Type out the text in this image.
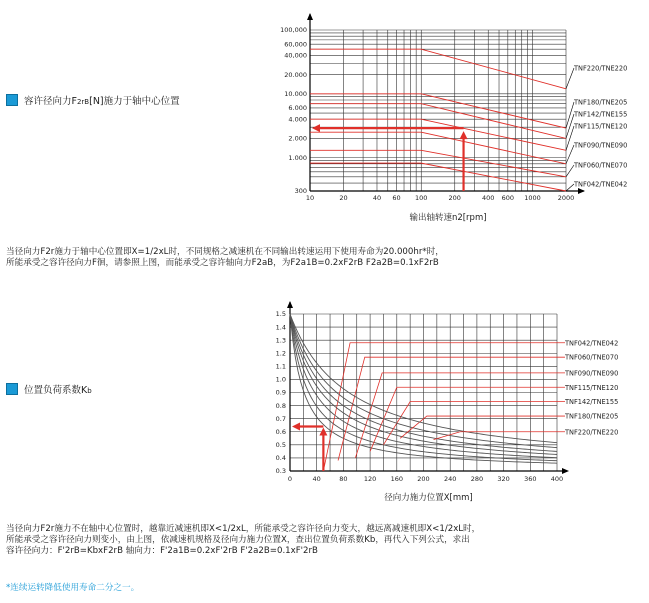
容许径向力F2rB[N]施力于轴中心位置
位置负荷系数Kb
10	20	40 60 100	200	400 600 1000	2000
300
1.000
2.000
4.000
6.000
10.000
20.000
40,000
60,000
100,000
输出轴转速n2[rpm]
TNF220/TNE220
TNF180/TNE205
TNF142/TNE155
TNF115/TNE120
TNF090/TNE090
TNF060/TNE070
TNF042/TNE042
0	40	80	120 160 200 240 280 320 360 400
0.3
0.4
0.5
0.6
0.7
0.8
0.9
1.0
1.1
1.2
1.3
1.4
1.5
径向力施力位置X[mm]
TNF042/TNE042
TNF060/TNE070
TNF090/TNE090
TNF115/TNE120
TNF142/TNE155
TNF180/TNE205
TNF220/TNE220
当径向力F2r施力于轴中心位置即X=1/2xL时，不同规格之减速机在不同输出转速运用下使用寿命为20.000hr*时，
所能承受之容许径向力F徊，请参照上图，而能承受之容许轴向力F2aB，为F2a1B=0.2xF2rB F2a2B=0.1xF2rB
当径向力F2r施力不在轴中心位置时，越靠近减速机即X<1/2xL，所能承受之容许径向力变大，越远离减速机即X<1/2xL时，
所能承受之容许径向力则变小，由上图，依减速机规格及径向力施力位置X，查出位置负荷系数Kb，再代入下列公式，求出
容许径向力：F'2rB=KbxF2rB 轴向力：F'2a1B=0.2xF'2rB F'2a2B=0.1xF'2rB
*连续运转降低使用寿命二分之一。
